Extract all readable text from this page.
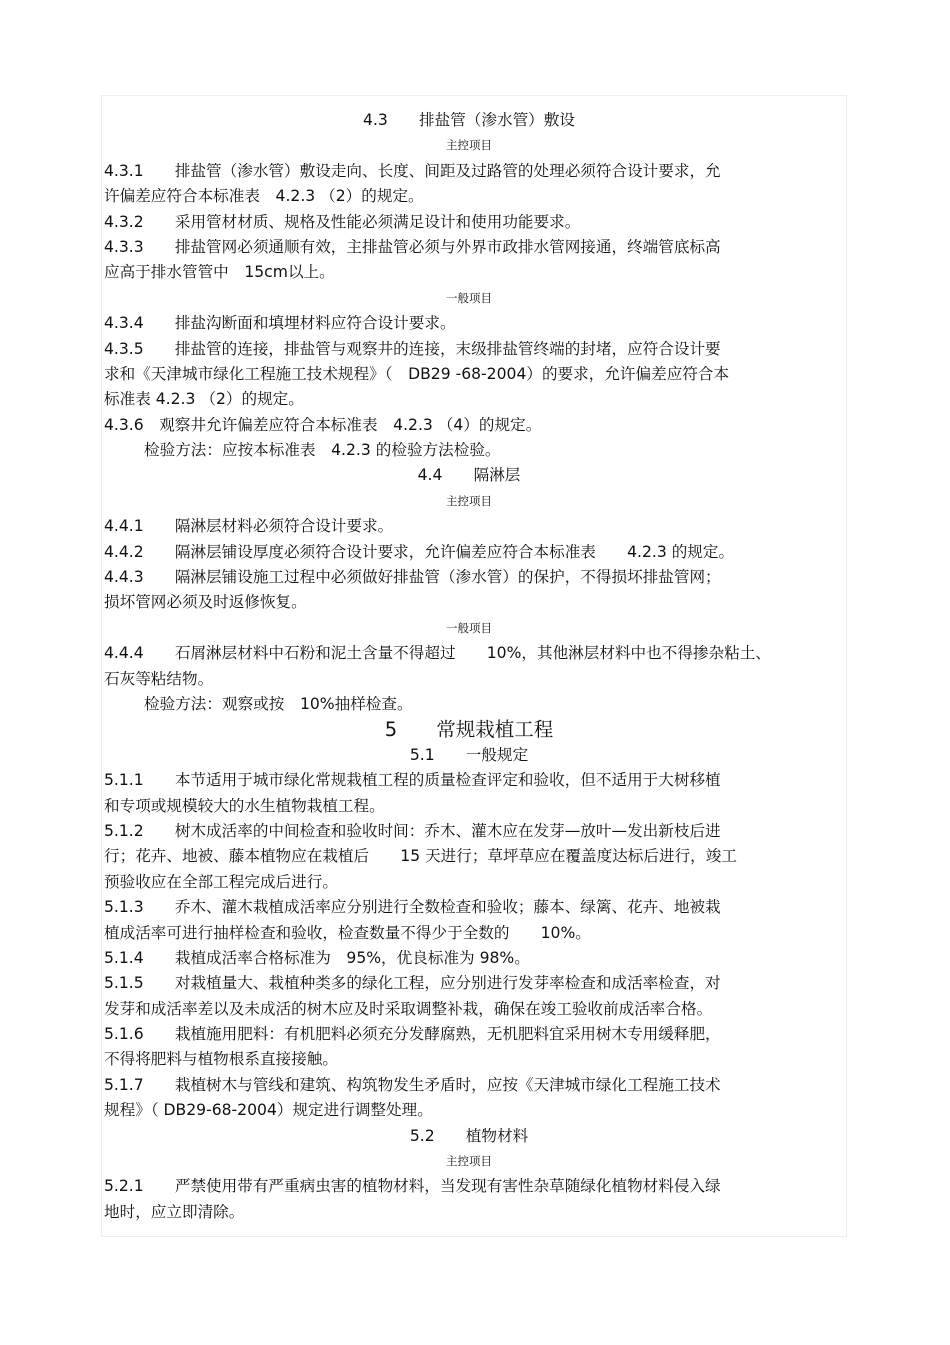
4.3　　排盐管（渗水管）敷设
主控项目
4.3.1　　排盐管（渗水管）敷设走向、长度、间距及过路管的处理必须符合设计要求，允
许偏差应符合本标准表　4.2.3 （2）的规定。
4.3.2　　采用管材材质、规格及性能必须满足设计和使用功能要求。
4.3.3　　排盐管网必须通顺有效，主排盐管必须与外界市政排水管网接通，终端管底标高
应高于排水管管中　15cm以上。
一般项目
4.3.4　　排盐沟断面和填埋材料应符合设计要求。
4.3.5　　排盐管的连接，排盐管与观察井的连接，末级排盐管终端的封堵，应符合设计要
求和《天津城市绿化工程施工技术规程》（　DB29 -68-2004）的要求，允许偏差应符合本
标准表 4.2.3 （2）的规定。
4.3.6　观察井允许偏差应符合本标准表　4.2.3 （4）的规定。
检验方法：应按本标准表　4.2.3 的检验方法检验。
4.4　　隔淋层
主控项目
4.4.1　　隔淋层材料必须符合设计要求。
4.4.2　　隔淋层铺设厚度必须符合设计要求，允许偏差应符合本标准表　　4.2.3 的规定。
4.4.3　　隔淋层铺设施工过程中必须做好排盐管（渗水管）的保护，不得损坏排盐管网；
损坏管网必须及时返修恢复。
一般项目
4.4.4　　石屑淋层材料中石粉和泥土含量不得超过　　10%，其他淋层材料中也不得掺杂粘土、
石灰等粘结物。
检验方法：观察或按　10%抽样检查。
5　　常规栽植工程
5.1　　一般规定
5.1.1　　本节适用于城市绿化常规栽植工程的质量检查评定和验收，但不适用于大树移植
和专项或规模较大的水生植物栽植工程。
5.1.2　　树木成活率的中间检查和验收时间：乔木、灌木应在发芽—放叶—发出新枝后进
行；花卉、地被、藤本植物应在栽植后　　15 天进行；草坪草应在覆盖度达标后进行，竣工
预验收应在全部工程完成后进行。
5.1.3　　乔木、灌木栽植成活率应分别进行全数检查和验收；藤本、绿篱、花卉、地被栽
植成活率可进行抽样检查和验收，检查数量不得少于全数的　　10%。
5.1.4　　栽植成活率合格标准为　95%，优良标准为 98%。
5.1.5　　对栽植量大、栽植种类多的绿化工程，应分别进行发芽率检查和成活率检查，对
发芽和成活率差以及未成活的树木应及时采取调整补栽，确保在竣工验收前成活率合格。
5.1.6　　栽植施用肥料：有机肥料必须充分发酵腐熟，无机肥料宜采用树木专用缓释肥，
不得将肥料与植物根系直接接触。
5.1.7　　栽植树木与管线和建筑、构筑物发生矛盾时，应按《天津城市绿化工程施工技术
规程》（ DB29-68-2004）规定进行调整处理。
5.2　　植物材料
主控项目
5.2.1　　严禁使用带有严重病虫害的植物材料，当发现有害性杂草随绿化植物材料侵入绿
地时，应立即清除。
